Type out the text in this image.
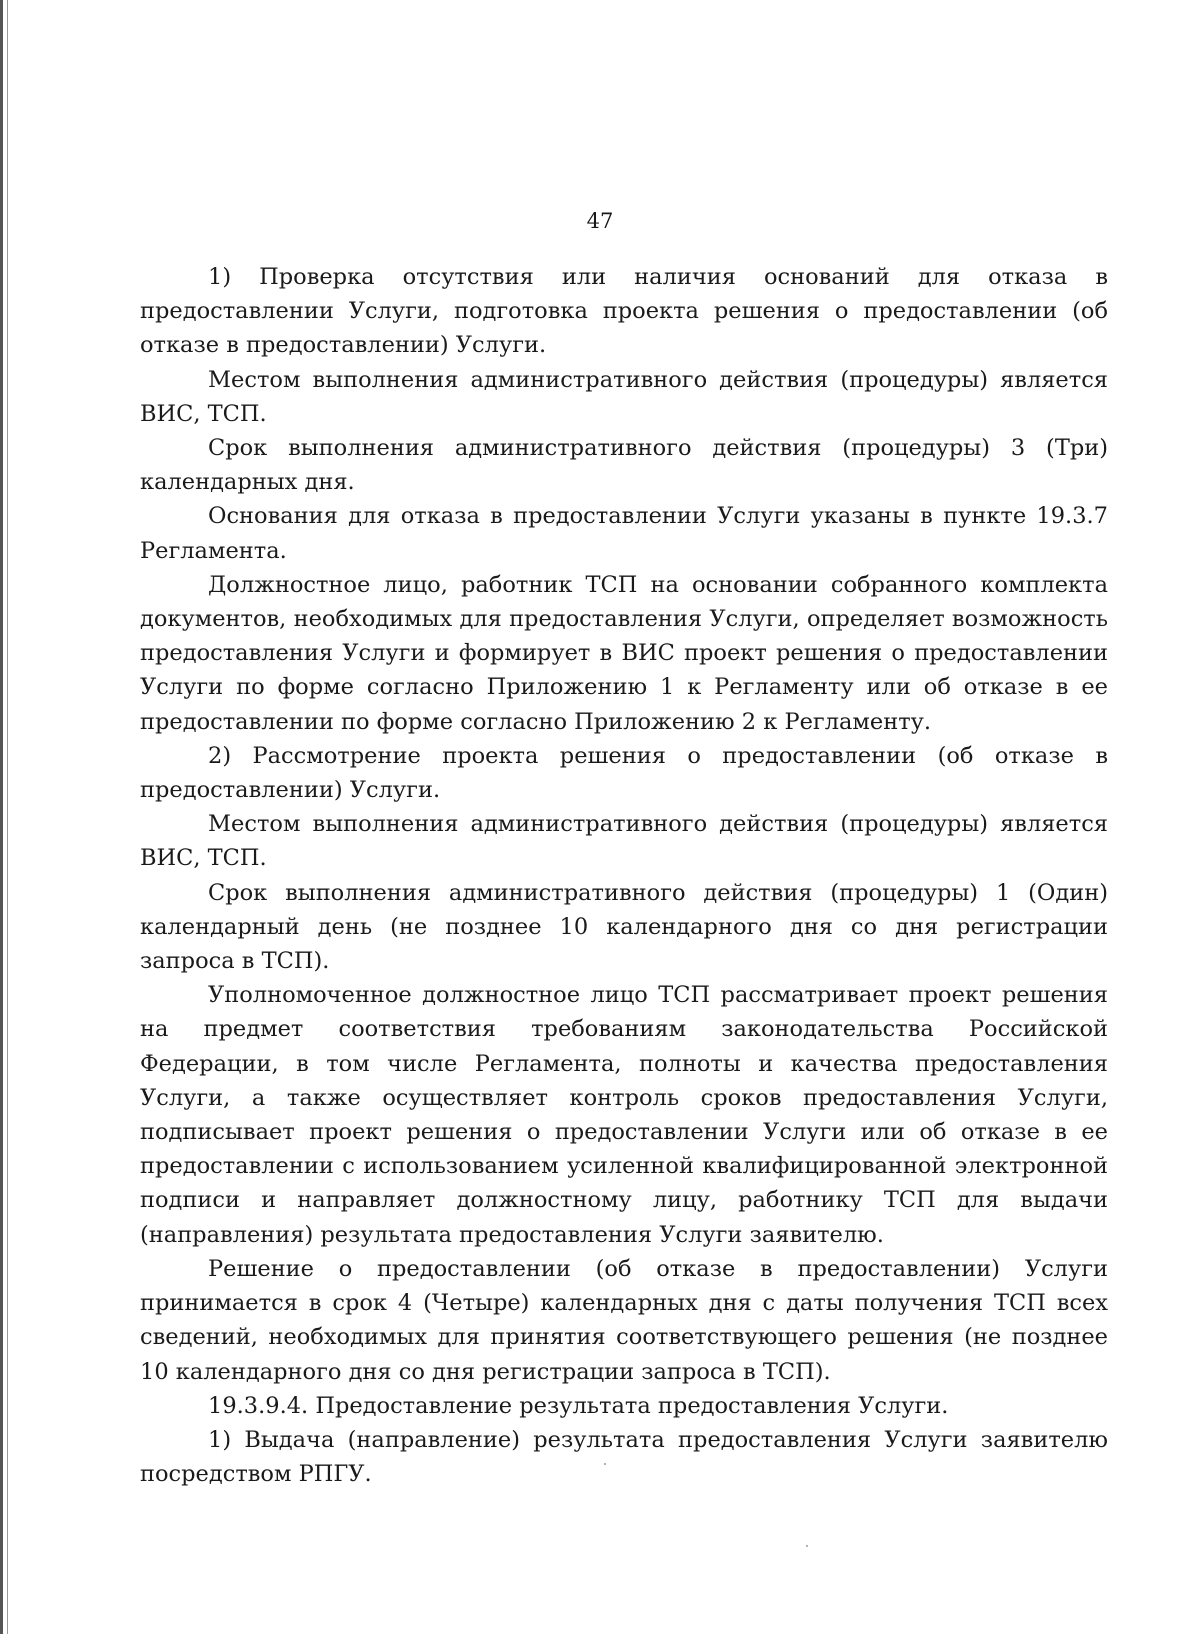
47

1) Проверка отсутствия или наличия оснований для отказа в предоставлении Услуги, подготовка проекта решения о предоставлении (об отказе в предоставлении) Услуги.

Местом выполнения административного действия (процедуры) является ВИС, ТСП.

Срок выполнения административного действия (процедуры) 3 (Три) календарных дня.

Основания для отказа в предоставлении Услуги указаны в пункте 19.3.7 Регламента.

Должностное лицо, работник ТСП на основании собранного комплекта документов, необходимых для предоставления Услуги, определяет возможность предоставления Услуги и формирует в ВИС проект решения о предоставлении Услуги по форме согласно Приложению 1 к Регламенту или об отказе в ее предоставлении по форме согласно Приложению 2 к Регламенту.

2) Рассмотрение проекта решения о предоставлении (об отказе в предоставлении) Услуги.

Местом выполнения административного действия (процедуры) является ВИС, ТСП.

Срок выполнения административного действия (процедуры) 1 (Один) календарный день (не позднее 10 календарного дня со дня регистрации запроса в ТСП).

Уполномоченное должностное лицо ТСП рассматривает проект решения на предмет соответствия требованиям законодательства Российской Федерации, в том числе Регламента, полноты и качества предоставления Услуги, а также осуществляет контроль сроков предоставления Услуги, подписывает проект решения о предоставлении Услуги или об отказе в ее предоставлении с использованием усиленной квалифицированной электронной подписи и направляет должностному лицу, работнику ТСП для выдачи (направления) результата предоставления Услуги заявителю.

Решение о предоставлении (об отказе в предоставлении) Услуги принимается в срок 4 (Четыре) календарных дня с даты получения ТСП всех сведений, необходимых для принятия соответствующего решения (не позднее 10 календарного дня со дня регистрации запроса в ТСП).

19.3.9.4. Предоставление результата предоставления Услуги.

1) Выдача (направление) результата предоставления Услуги заявителю посредством РПГУ.
